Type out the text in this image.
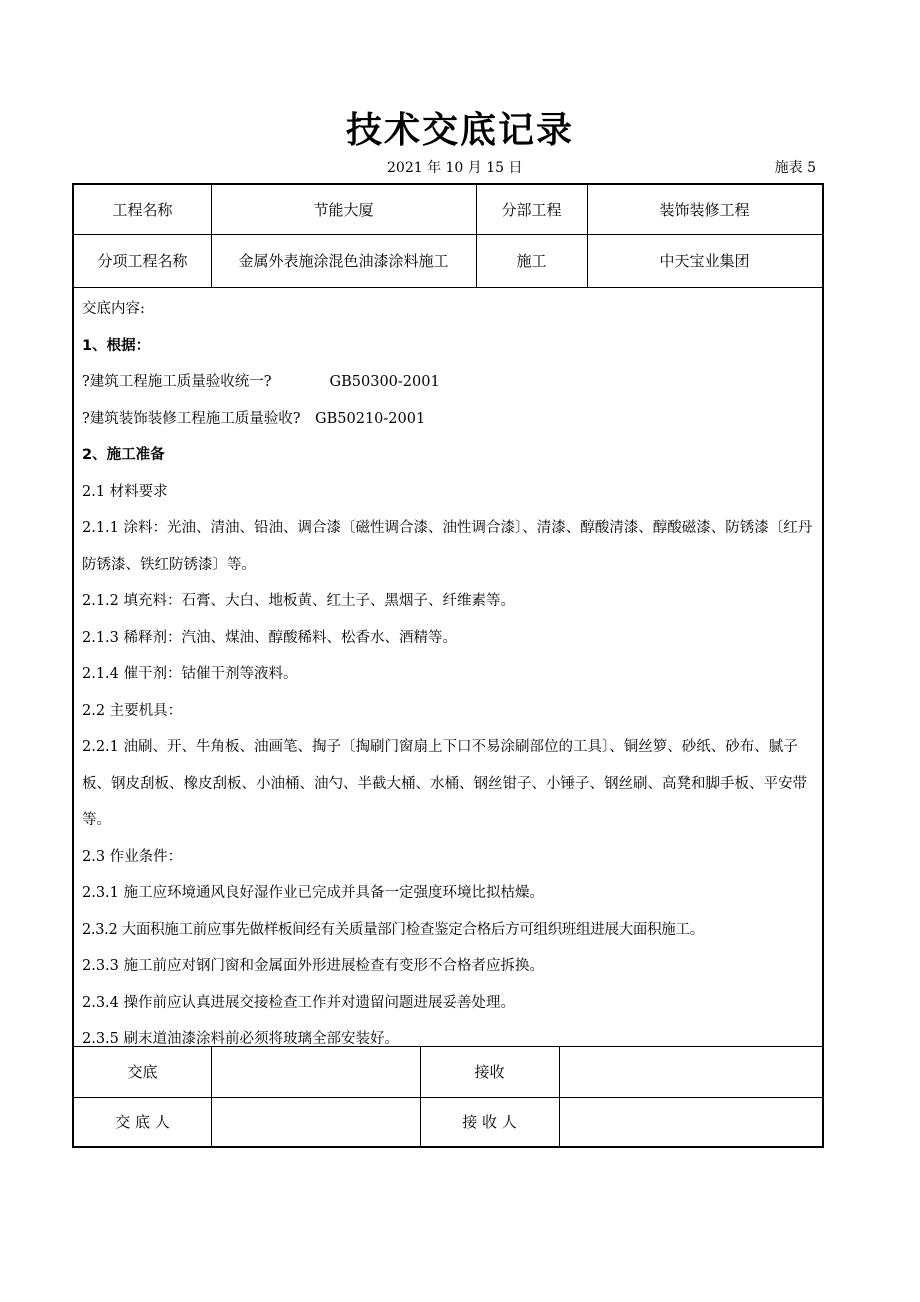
技术交底记录
2021 年 10 月 15 日	施表 5
工程名称	节能大厦	分部工程	装饰装修工程
分项工程名称	金属外表施涂混色油漆涂料施工	施工	中天宝业集团

交底内容:

1、根据：

?建筑工程施工质量验收统一?　　　　GB50300-2001

?建筑装饰装修工程施工质量验收?　GB50210-2001

2、施工准备

2.1 材料要求

2.1.1 涂料：光油、清油、铅油、调合漆〔磁性调合漆、油性调合漆〕、清漆、醇酸清漆、醇酸磁漆、防锈漆〔红丹防锈漆、铁红防锈漆〕等。

2.1.2 填充料：石膏、大白、地板黄、红土子、黑烟子、纤维素等。

2.1.3 稀释剂：汽油、煤油、醇酸稀料、松香水、酒精等。

2.1.4 催干剂：钴催干剂等液料。

2.2 主要机具：

2.2.1 油刷、开、牛角板、油画笔、掏子〔掏刷门窗扇上下口不易涂刷部位的工具〕、铜丝箩、砂纸、砂布、腻子板、钢皮刮板、橡皮刮板、小油桶、油勺、半截大桶、水桶、钢丝钳子、小锤子、钢丝刷、高凳和脚手板、平安带等。

2.3 作业条件：

2.3.1 施工应环境通风良好湿作业已完成并具备一定强度环境比拟枯燥。

2.3.2 大面积施工前应事先做样板间经有关质量部门检查鉴定合格后方可组织班组进展大面积施工。

2.3.3 施工前应对钢门窗和金属面外形进展检查有变形不合格者应拆换。

2.3.4 操作前应认真进展交接检查工作并对遗留问题进展妥善处理。

2.3.5 刷末道油漆涂料前必须将玻璃全部安装好。

交底	接收
交 底 人	接 收 人
